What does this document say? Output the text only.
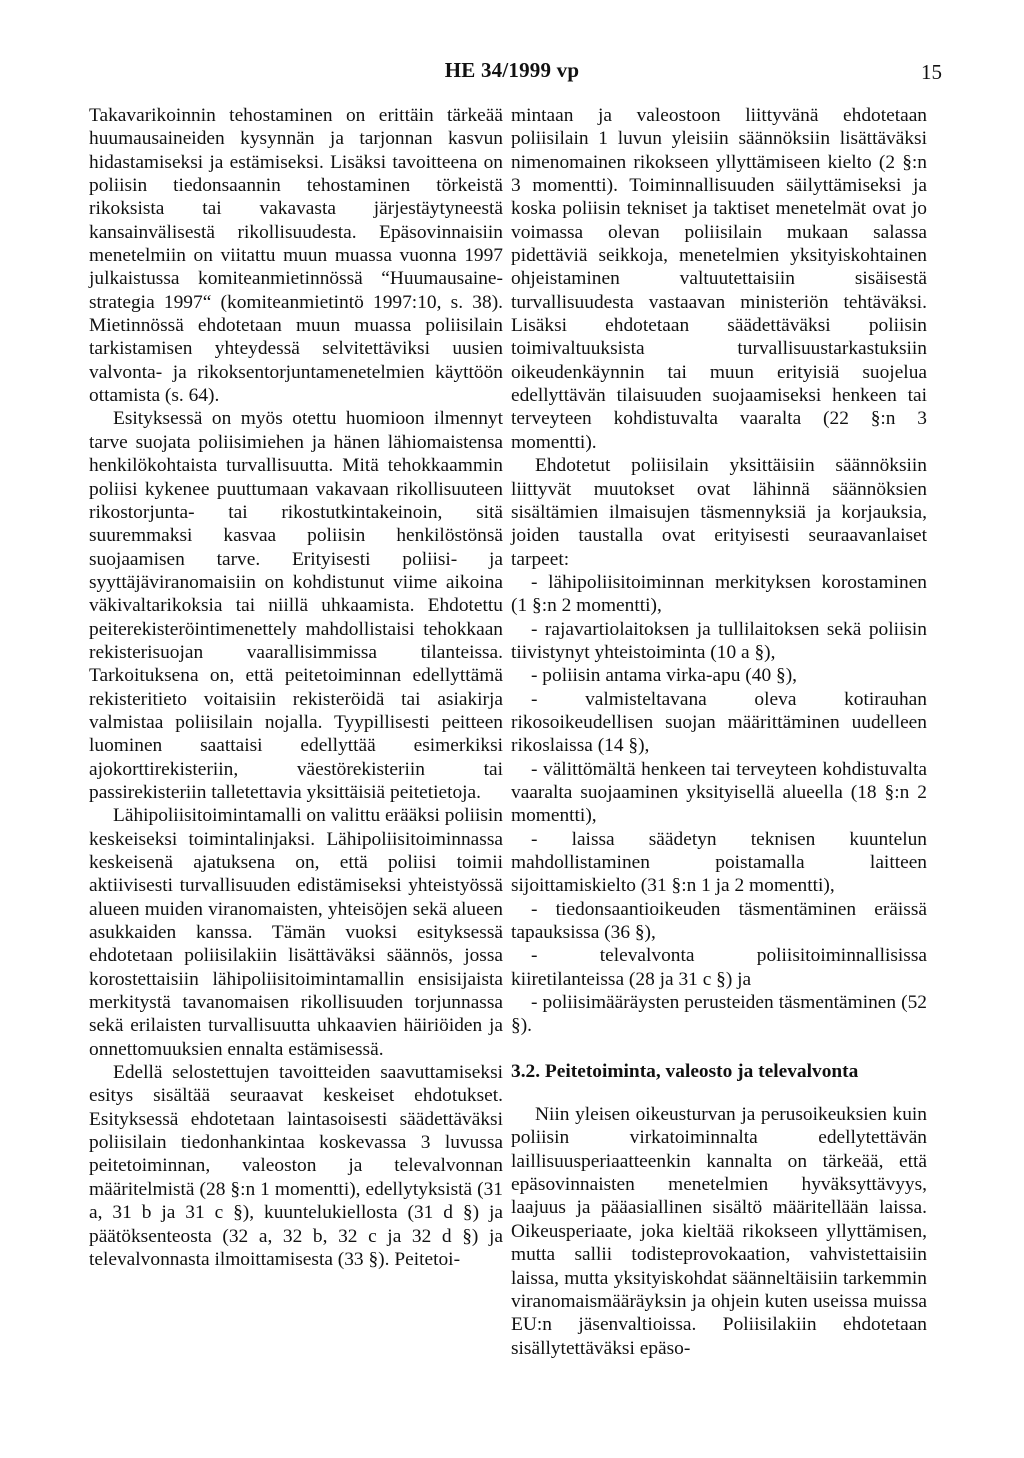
HE 34/1999 vp	15

Takavarikoinnin tehostaminen on erittäin tärkeää huumausaineiden kysynnän ja tarjonnan kasvun hidastamiseksi ja estämiseksi. Lisäksi tavoitteena on poliisin tiedonsaannin tehostaminen törkeistä rikoksista tai vakavasta järjestäytyneestä kansainvälisestä rikollisuudesta. Epäsovinnaisiin menetelmiin on viitattu muun muassa vuonna 1997 julkaistussa komiteanmietinnössä “Huumausaine-strategia 1997“ (komiteanmietintö 1997:10, s. 38). Mietinnössä ehdotetaan muun muassa poliisilain tarkistamisen yhteydessä selvitettäviksi uusien valvonta- ja rikoksentorjuntamenetelmien käyttöön ottamista (s. 64).

Esityksessä on myös otettu huomioon ilmennyt tarve suojata poliisimiehen ja hänen lähiomaistensa henkilökohtaista turvallisuutta. Mitä tehokkaammin poliisi kykenee puuttumaan vakavaan rikollisuuteen rikostorjunta- tai rikostutkintakeinoin, sitä suuremmaksi kasvaa poliisin henkilöstönsä suojaamisen tarve. Erityisesti poliisi- ja syyttäjäviranomaisiin on kohdistunut viime aikoina väkivaltarikoksia tai niillä uhkaamista. Ehdotettu peiterekisteröintimenettely mahdollistaisi tehokkaan rekisterisuojan vaarallisimmissa tilanteissa. Tarkoituksena on, että peitetoiminnan edellyttämä rekisteritieto voitaisiin rekisteröidä tai asiakirja valmistaa poliisilain nojalla. Tyypillisesti peitteen luominen saattaisi edellyttää esimerkiksi ajokorttirekisteriin, väestörekisteriin tai passirekisteriin talletettavia yksittäisiä peitetietoja.

Lähipoliisitoimintamalli on valittu erääksi poliisin keskeiseksi toimintalinjaksi. Lähipoliisitoiminnassa keskeisenä ajatuksena on, että poliisi toimii aktiivisesti turvallisuuden edistämiseksi yhteistyössä alueen muiden viranomaisten, yhteisöjen sekä alueen asukkaiden kanssa. Tämän vuoksi esityksessä ehdotetaan poliisilakiin lisättäväksi säännös, jossa korostettaisiin lähipoliisitoimintamallin ensisijaista merkitystä tavanomaisen rikollisuuden torjunnassa sekä erilaisten turvallisuutta uhkaavien häiriöiden ja onnettomuuksien ennalta estämisessä.

Edellä selostettujen tavoitteiden saavuttamiseksi esitys sisältää seuraavat keskeiset ehdotukset. Esityksessä ehdotetaan laintasoisesti säädettäväksi poliisilain tiedonhankintaa koskevassa 3 luvussa peitetoiminnan, valeoston ja televalvonnan määritelmistä (28 §:n 1 momentti), edellytyksistä (31 a, 31 b ja 31 c §), kuuntelukiellosta (31 d §) ja päätöksenteosta (32 a, 32 b, 32 c ja 32 d §) ja televalvonnasta ilmoittamisesta (33 §). Peitetoi-

mintaan ja valeostoon liittyvänä ehdotetaan poliisilain 1 luvun yleisiin säännöksiin lisättäväksi nimenomainen rikokseen yllyttämiseen kielto (2 §:n 3 momentti). Toiminnallisuuden säilyttämiseksi ja koska poliisin tekniset ja taktiset menetelmät ovat jo voimassa olevan poliisilain mukaan salassa pidettäviä seikkoja, menetelmien yksityiskohtainen ohjeistaminen valtuutettaisiin sisäisestä turvallisuudesta vastaavan ministeriön tehtäväksi. Lisäksi ehdotetaan säädettäväksi poliisin toimivaltuuksista turvallisuustarkastuksiin oikeudenkäynnin tai muun erityisiä suojelua edellyttävän tilaisuuden suojaamiseksi henkeen tai terveyteen kohdistuvalta vaaralta (22 §:n 3 momentti).

Ehdotetut poliisilain yksittäisiin säännöksiin liittyvät muutokset ovat lähinnä säännöksien sisältämien ilmaisujen täsmennyksiä ja korjauksia, joiden taustalla ovat erityisesti seuraavanlaiset tarpeet:

- lähipoliisitoiminnan merkityksen korostaminen (1 §:n 2 momentti),

- rajavartiolaitoksen ja tullilaitoksen sekä poliisin tiivistynyt yhteistoiminta (10 a §),

- poliisin antama virka-apu (40 §),

- valmisteltavana oleva kotirauhan rikosoikeudellisen suojan määrittäminen uudelleen rikoslaissa (14 §),

- välittömältä henkeen tai terveyteen kohdistuvalta vaaralta suojaaminen yksityisellä alueella (18 §:n 2 momentti),

- laissa säädetyn teknisen kuuntelun mahdollistaminen poistamalla laitteen sijoittamiskielto (31 §:n 1 ja 2 momentti),

- tiedonsaantioikeuden täsmentäminen eräissä tapauksissa (36 §),

- televalvonta poliisitoiminnallisissa kiiretilanteissa (28 ja 31 c §) ja

- poliisimääräysten perusteiden täsmentäminen (52 §).

3.2. Peitetoiminta, valeosto ja televalvonta

Niin yleisen oikeusturvan ja perusoikeuksien kuin poliisin virkatoiminnalta edellytettävän laillisuusperiaatteenkin kannalta on tärkeää, että epäsovinnaisten menetelmien hyväksyttävyys, laajuus ja pääasiallinen sisältö määritellään laissa. Oikeusperiaate, joka kieltää rikokseen yllyttämisen, mutta sallii todisteprovokaation, vahvistettaisiin laissa, mutta yksityiskohdat säänneltäisiin tarkemmin viranomaismääräyksin ja ohjein kuten useissa muissa EU:n jäsenvaltioissa. Poliisilakiin ehdotetaan sisällytettäväksi epäso-
